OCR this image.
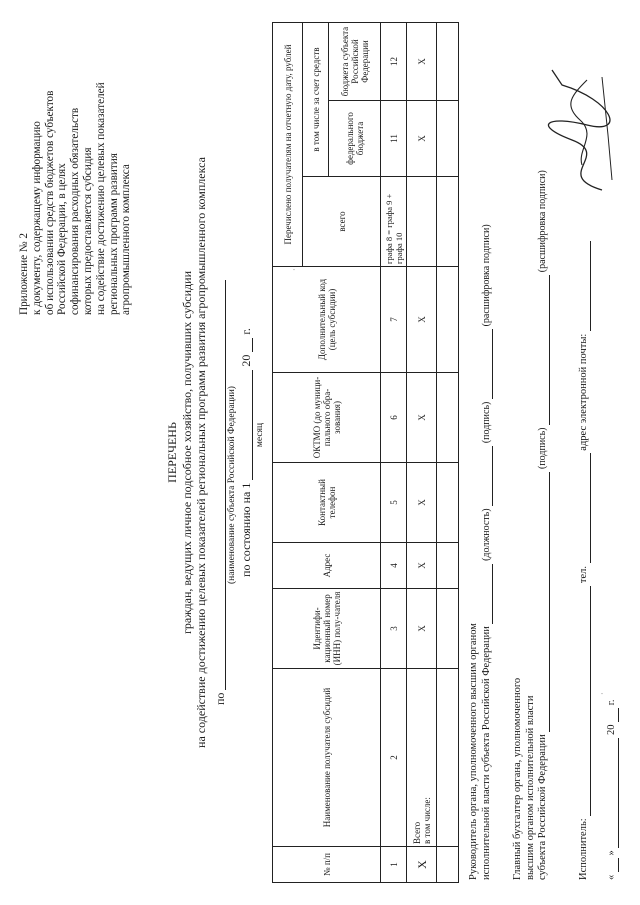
Приложение № 2 к документу, содержащему информацию об использовании средств бюджетов субъектов Российской Федерации, в целях софинансирования расходных обязательств которых предоставляется субсидия на содействие достижению целевых показателей региональных программ развития агропромышленного комплекса
ПЕРЕЧЕНЬ граждан, ведущих личное подсобное хозяйство, получивших субсидии на содействие достижению целевых показателей региональных программ развития агропромышленного комплекса по
(наименование субъекта Российской Федерации) по состоянию на 1  20  г.
месяц
№ п/п	Наименование получателя субсидий	Идентифи-кационный номер (ИНН) полу-чателя	Адрес	Контактный телефон	ОКТМО (до муници-пального обра-зования)	Дополнительный код (цель субсидии)	Перечислено получателям на отчетную дату, рублей		
							всего	в том числе за счет средств	
								федерального бюджета	бюджета субъекта Российской Федерации
1	2	3	4	5	6	7	графа 8 = графа 9 + графа 10	11	12
X	Всего в том числе:	X	X	X	X	X		X	X

Руководитель органа, уполномоченного высшим органом исполнительной власти субъекта Российской Федерации  (должность)  (подпись)  (расшифровка подписи)
Главный бухгалтер органа, уполномоченного высшим органом исполнительной власти субъекта Российской Федерации  (подпись)  (расшифровка подписи)
Исполнитель:  тел.  адрес электронной почты:
«  »  20  г.
·
·
